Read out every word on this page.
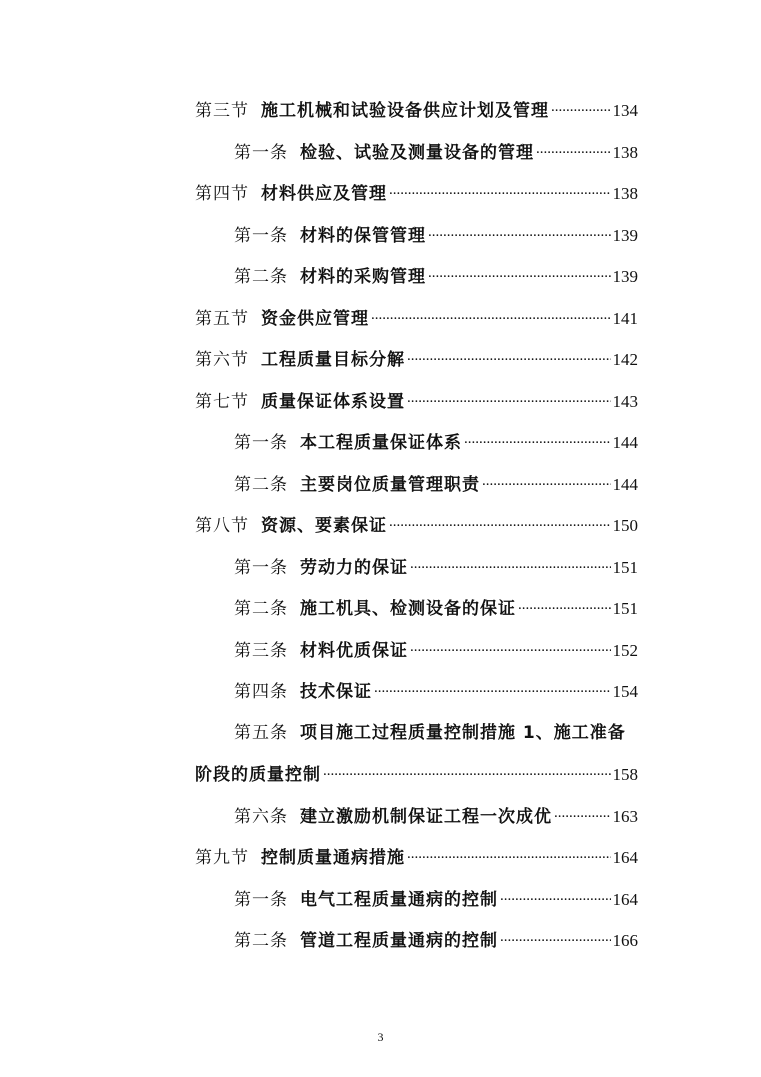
第三节 施工机械和试验设备供应计划及管理 .....	134
第一条 检验、试验及测量设备的管理 .....	138
第四节 材料供应及管理 .....	138
第一条 材料的保管管理 .....	139
第二条 材料的采购管理 .....	139
第五节 资金供应管理 .....	141
第六节 工程质量目标分解 .....	142
第七节 质量保证体系设置 .....	143
第一条 本工程质量保证体系 .....	144
第二条 主要岗位质量管理职责 .....	144
第八节 资源、要素保证 .....	150
第一条 劳动力的保证 .....	151
第二条 施工机具、检测设备的保证 .....	151
第三条 材料优质保证 .....	152
第四条 技术保证 .....	154
第五条 项目施工过程质量控制措施 1、施工准备
阶段的质量控制 .....	158
第六条 建立激励机制保证工程一次成优 .....	163
第九节 控制质量通病措施 .....	164
第一条 电气工程质量通病的控制 .....	164
第二条 管道工程质量通病的控制 .....	166
3
